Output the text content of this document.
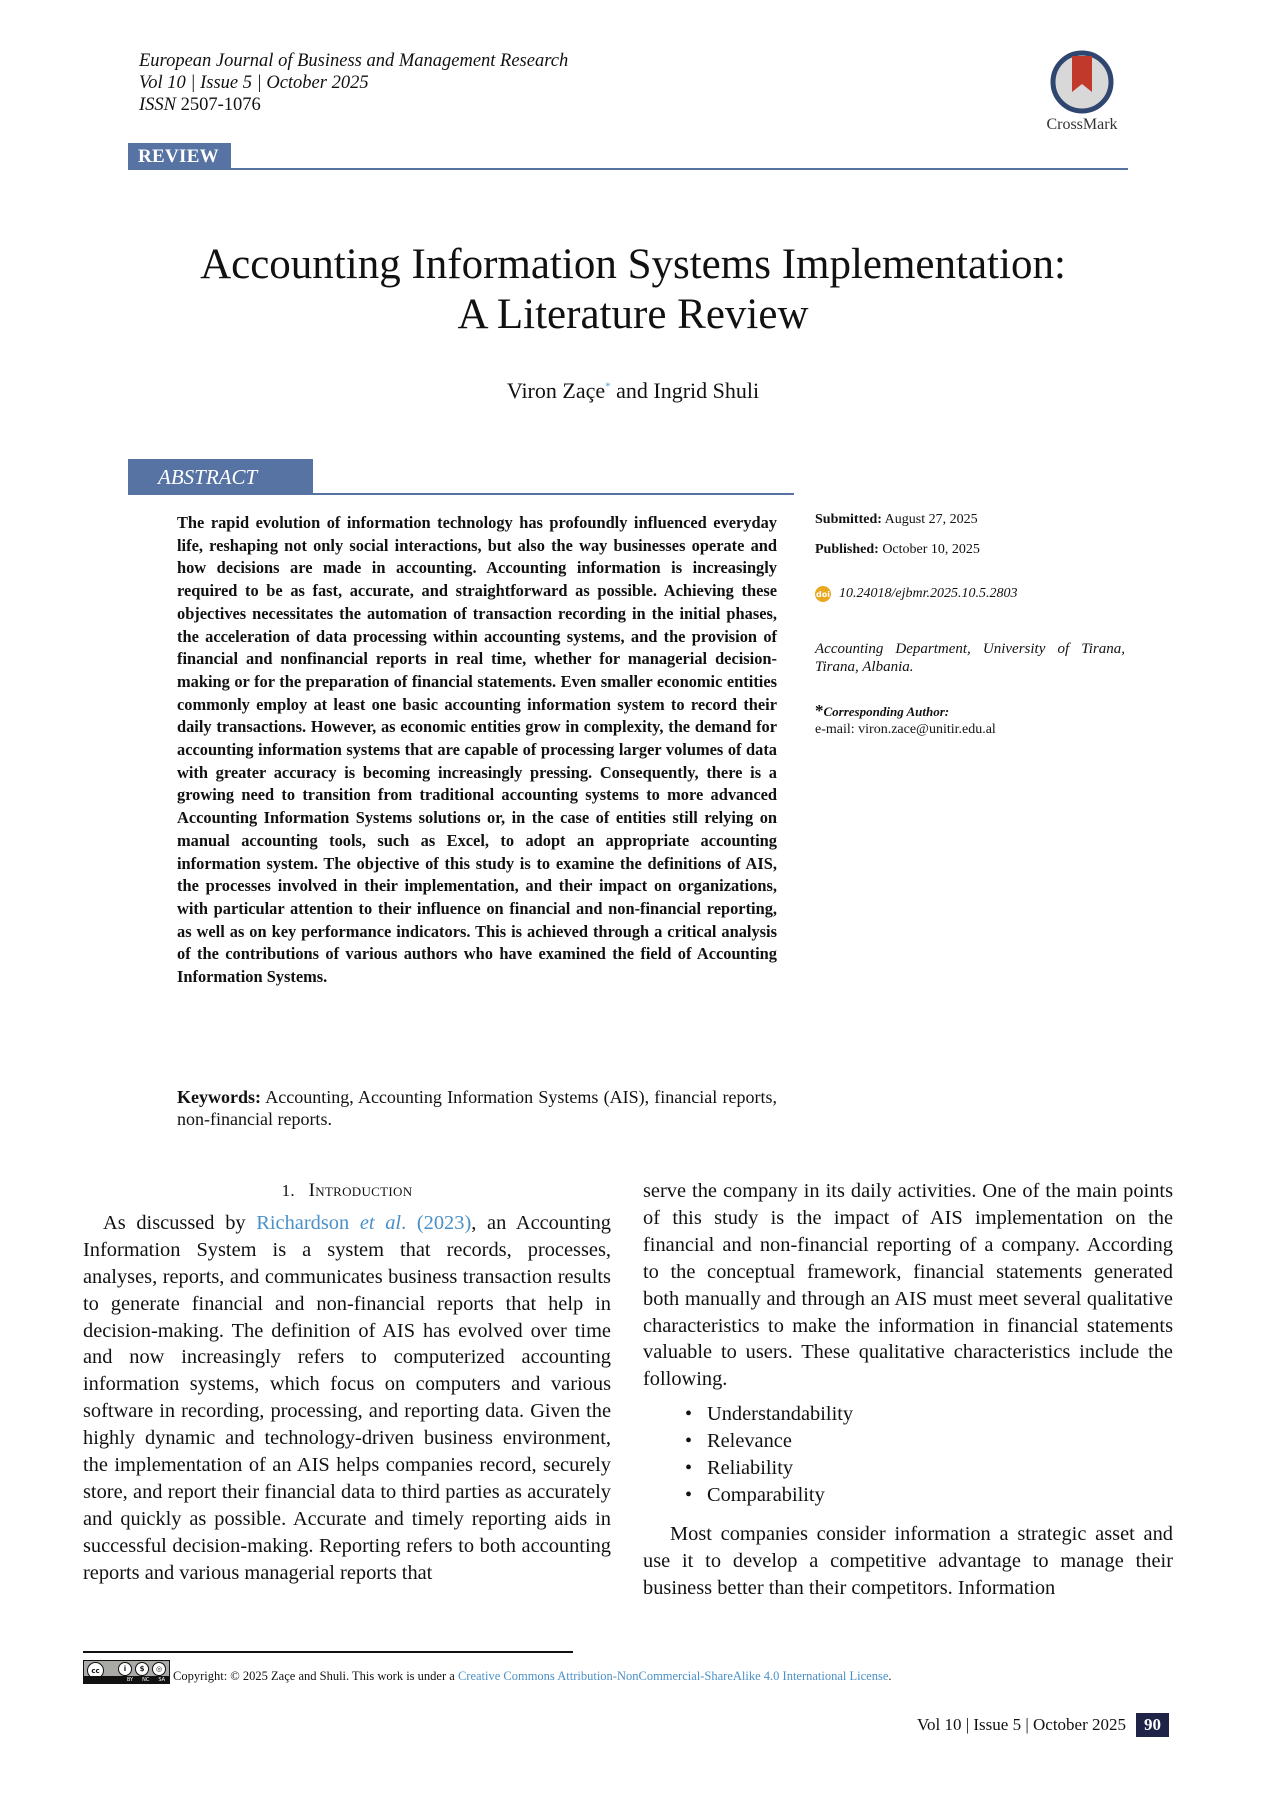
European Journal of Business and Management Research
Vol 10 | Issue 5 | October 2025
ISSN 2507-1076
CrossMark
REVIEW
Accounting Information Systems Implementation:
A Literature Review
Viron Zaçe* and Ingrid Shuli
ABSTRACT
The rapid evolution of information technology has profoundly influenced everyday life, reshaping not only social interactions, but also the way businesses operate and how decisions are made in accounting. Accounting information is increasingly required to be as fast, accurate, and straightforward as possible. Achieving these objectives necessitates the automation of transaction recording in the initial phases, the acceleration of data processing within accounting systems, and the provision of financial and nonfinancial reports in real time, whether for managerial decision-making or for the preparation of financial statements. Even smaller economic entities commonly employ at least one basic accounting information system to record their daily transactions. However, as economic entities grow in complexity, the demand for accounting information systems that are capable of processing larger volumes of data with greater accuracy is becoming increasingly pressing. Consequently, there is a growing need to transition from traditional accounting systems to more advanced Accounting Information Systems solutions or, in the case of entities still relying on manual accounting tools, such as Excel, to adopt an appropriate accounting information system. The objective of this study is to examine the definitions of AIS, the processes involved in their implementation, and their impact on organizations, with particular attention to their influence on financial and non-financial reporting, as well as on key performance indicators. This is achieved through a critical analysis of the contributions of various authors who have examined the field of Accounting Information Systems.
Keywords: Accounting, Accounting Information Systems (AIS), financial reports, non-financial reports.
Submitted: August 27, 2025
Published: October 10, 2025
doi 10.24018/ejbmr.2025.10.5.2803
Accounting Department, University of Tirana, Tirana, Albania.
*Corresponding Author:
e-mail: viron.zace@unitir.edu.al
1. Introduction

As discussed by Richardson et al. (2023), an Accounting Information System is a system that records, processes, analyses, reports, and communicates business transaction results to generate financial and non-financial reports that help in decision-making. The definition of AIS has evolved over time and now increasingly refers to computerized accounting information systems, which focus on computers and various software in recording, processing, and reporting data. Given the highly dynamic and technology-driven business environment, the implementation of an AIS helps companies record, securely store, and report their financial data to third parties as accurately and quickly as possible. Accurate and timely reporting aids in successful decision-making. Reporting refers to both accounting reports and various managerial reports that

serve the company in its daily activities. One of the main points of this study is the impact of AIS implementation on the financial and non-financial reporting of a company. According to the conceptual framework, financial statements generated both manually and through an AIS must meet several qualitative characteristics to make the information in financial statements valuable to users. These qualitative characteristics include the following.

• Understandability
• Relevance
• Reliability
• Comparability

Most companies consider information a strategic asset and use it to develop a competitive advantage to manage their business better than their competitors. Information

cc	i	$	◎
BY NC SA Copyright: © 2025 Zaçe and Shuli. This work is under a Creative Commons Attribution-NonCommercial-ShareAlike 4.0 International License.
Vol 10 | Issue 5 | October 2025	90
